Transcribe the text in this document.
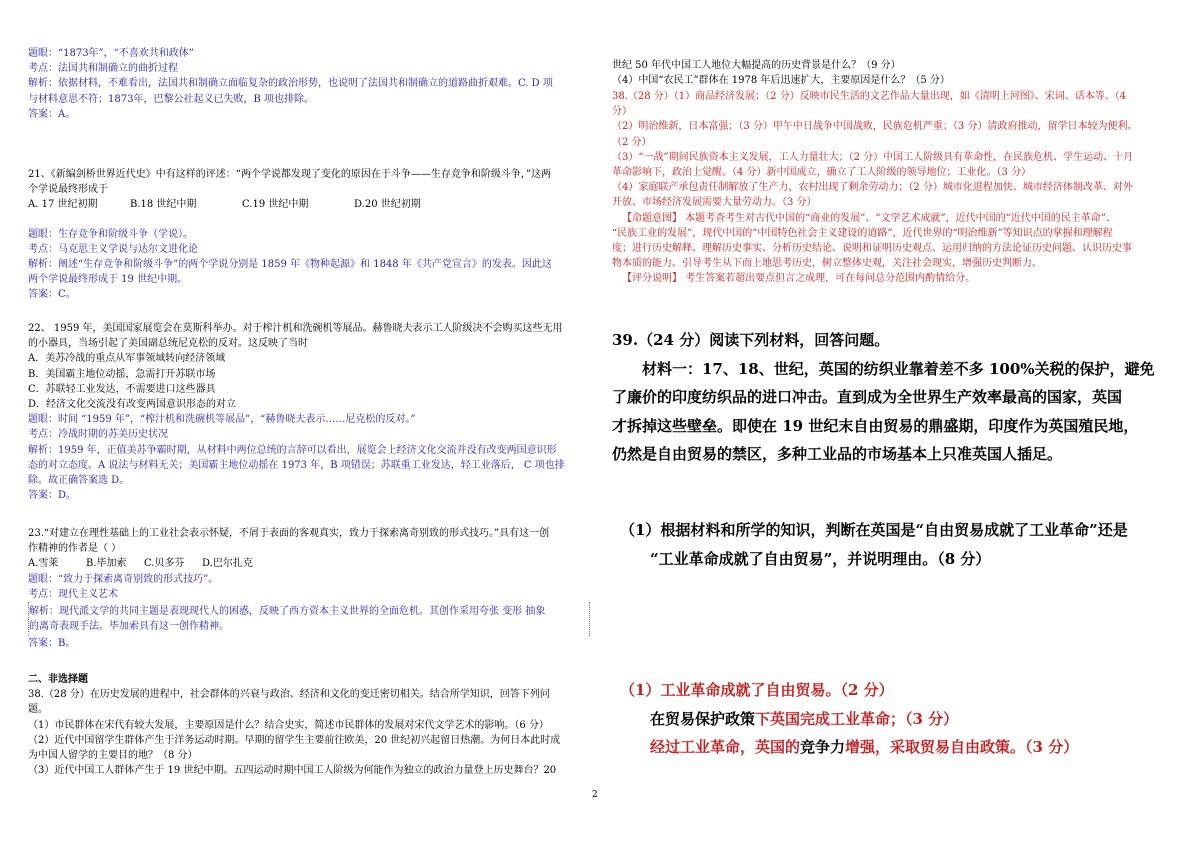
题眼：“1873年”，“不喜欢共和政体”
考点：法国共和制确立的曲折过程
解析：依据材料，不难看出，法国共和制确立面临复杂的政治形势，也说明了法国共和制确立的道路曲折艰难。C. D 项
与材料意思不符；1873年，巴黎公社起义已失败，B 项也排除。
答案：A。
21、《新编剑桥世界近代史》中有这样的评述：“两个学说都发现了变化的原因在于斗争——生存竞争和阶级斗争，”这两
个学说最终形成于
A. 17 世纪初期	B.18 世纪中期	C.19 世纪中期	D.20 世纪初期
题眼：生存竞争和阶级斗争（学说）。
考点：马克思主义学说与达尔文进化论
解析：阐述“生存竞争和阶级斗争”的两个学说分别是 1859 年《物种起源》和 1848 年《共产党宣言》的发表。因此这
两个学说最终形成于 19 世纪中期。
答案：C。
22、 1959 年，美国国家展览会在莫斯科举办。对于榨汁机和洗碗机等展品。赫鲁晓夫表示工人阶级决不会购买这些无用
的小器具，当场引起了美国副总统尼克松的反对。这反映了当时
A．美苏冷战的重点从军事领域转向经济领域
B．美国霸主地位动摇，急需打开苏联市场
C．苏联轻工业发达，不需要进口这些器具
D．经济文化交流没有改变两国意识形态的对立
题眼：时间 “1959 年”，“榨汁机和洗碗机等展品”，“赫鲁晓夫表示……尼克松的反对。”
考点：冷战时期的苏美历史状况
解析：1959 年，正值美苏争霸时期，从材料中两位总统的言辞可以看出，展览会上经济文化交流并没有改变两国意识形
态的对立态度。A 说法与材料无关；美国霸主地位动摇在 1973 年，B 项错误；苏联重工业发达，轻工业落后， C 项也排
除。故正确答案选 D。
答案：D。
23.“对建立在理性基础上的工业社会表示怀疑，不屑于表面的客观真实，致力于探索离奇别致的形式技巧。”具有这一创
作精神的作者是（ ）
A.雪莱	B.毕加索	C.贝多芬	D.巴尔扎克
题眼：“致力于探索离奇别致的形式技巧”。
考点：现代主义艺术
解析：现代派文学的共同主题是表现现代人的困惑，反映了西方资本主义世界的全面危机。其创作采用夸张 变形 抽象
的离奇表现手法。毕加索具有这一创作精神。
答案：B。
二、非选择题
38.（28 分）在历史发展的进程中，社会群体的兴衰与政治、经济和文化的变迁密切相关。结合所学知识，回答下列问
题。
（1）市民群体在宋代有较大发展，主要原因是什么？结合史实，简述市民群体的发展对宋代文学艺术的影响。（6 分）
（2）近代中国留学生群体产生于洋务运动时期。早期的留学生主要前往欧美，20 世纪初兴起留日热潮。为何日本此时成
为中国人留学的主要目的地？（8 分）
（3）近代中国工人群体产生于 19 世纪中期。五四运动时期中国工人阶级为何能作为独立的政治力量登上历史舞台？20
世纪 50 年代中国工人地位大幅提高的历史背景是什么？（9 分）
（4）中国“农民工”群体在 1978 年后迅速扩大，主要原因是什么？（5 分）
38.（28 分）（1）商品经济发展；（2 分）反映市民生活的文艺作品大量出现，如《清明上河图》、宋词、话本等。（4
分）
（2）明治维新，日本富强；（3 分）甲午中日战争中国战败，民族危机严重；（3 分）清政府推动，留学日本较为便利。
（2 分）
（3）“一战”期间民族资本主义发展，工人力量壮大；（2 分）中国工人阶级具有革命性，在民族危机、学生运动、十月
革命影响下，政治上觉醒。（4 分）新中国成立，确立了工人阶级的领导地位；工业化。（3 分）
（4）家庭联产承包责任制解放了生产力，农村出现了剩余劳动力；（2 分）城市化进程加快、城市经济体制改革、对外
开放、市场经济发展需要大量劳动力。（3 分）
【命题意图】 本题考查考生对古代中国的“商业的发展”、“文学艺术成就”，近代中国的“近代中国的民主革命”、
“民族工业的发展”，现代中国的“中国特色社会主义建设的道路”，近代世界的“明治维新”等知识点的掌握和理解程
度；进行历史解释、理解历史事实、分析历史结论、说明和证明历史观点、运用归纳的方法论证历史问题、认识历史事
物本质的能力。引导考生从下而上地思考历史，树立整体史观，关注社会现实，增强历史判断力。
【评分说明】 考生答案若超出要点但言之成理，可在每问总分范围内酌情给分。
39.（24 分）阅读下列材料，回答问题。
材料一：17、18、世纪，英国的纺织业靠着差不多 100%关税的保护，避免
了廉价的印度纺织品的进口冲击。直到成为全世界生产效率最高的国家，英国
才拆掉这些壁垒。即使在 19 世纪末自由贸易的鼎盛期，印度作为英国殖民地，
仍然是自由贸易的禁区，多种工业品的市场基本上只准英国人插足。
（1）根据材料和所学的知识，判断在英国是“自由贸易成就了工业革命”还是
“工业革命成就了自由贸易”，并说明理由。（8 分）
（1）工业革命成就了自由贸易。（2 分）
在贸易保护政策下英国完成工业革命；（3 分）
经过工业革命，英国的竞争力增强，采取贸易自由政策。（3 分）
2
